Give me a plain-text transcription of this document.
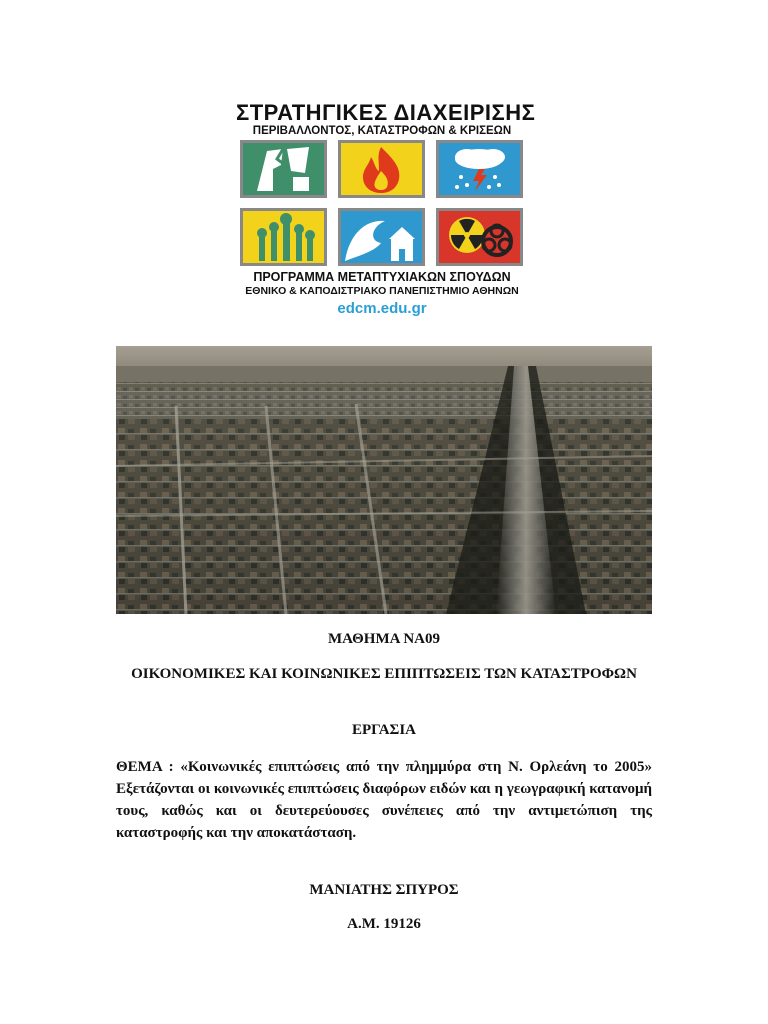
ΣΤΡΑΤΗΓΙΚΕΣ ΔΙΑΧΕΙΡΙΣΗΣ
ΠΕΡΙΒΑΛΛΟΝΤΟΣ, ΚΑΤΑΣΤΡΟΦΩΝ & ΚΡΙΣΕΩΝ
ΠΡΟΓΡΑΜΜΑ ΜΕΤΑΠΤΥΧΙΑΚΩΝ ΣΠΟΥΔΩΝ
ΕΘΝΙΚΟ & ΚΑΠΟΔΙΣΤΡΙΑΚΟ ΠΑΝΕΠΙΣΤΗΜΙΟ ΑΘΗΝΩΝ
edcm.edu.gr
ΜΑΘΗΜΑ ΝΑ09
ΟΙΚΟΝΟΜΙΚΕΣ ΚΑΙ ΚΟΙΝΩΝΙΚΕΣ ΕΠΙΠΤΩΣΕΙΣ ΤΩΝ ΚΑΤΑΣΤΡΟΦΩΝ
ΕΡΓΑΣΙΑ
ΘΕΜΑ : «Κοινωνικές επιπτώσεις από την πλημμύρα στη Ν. Ορλεάνη το 2005» Εξετάζονται οι κοινωνικές επιπτώσεις διαφόρων ειδών και η γεωγραφική κατανομή τους, καθώς και οι δευτερεύουσες συνέπειες από την αντιμετώπιση της καταστροφής και την αποκατάσταση.
ΜΑΝΙΑΤΗΣ ΣΠΥΡΟΣ
Α.Μ. 19126
